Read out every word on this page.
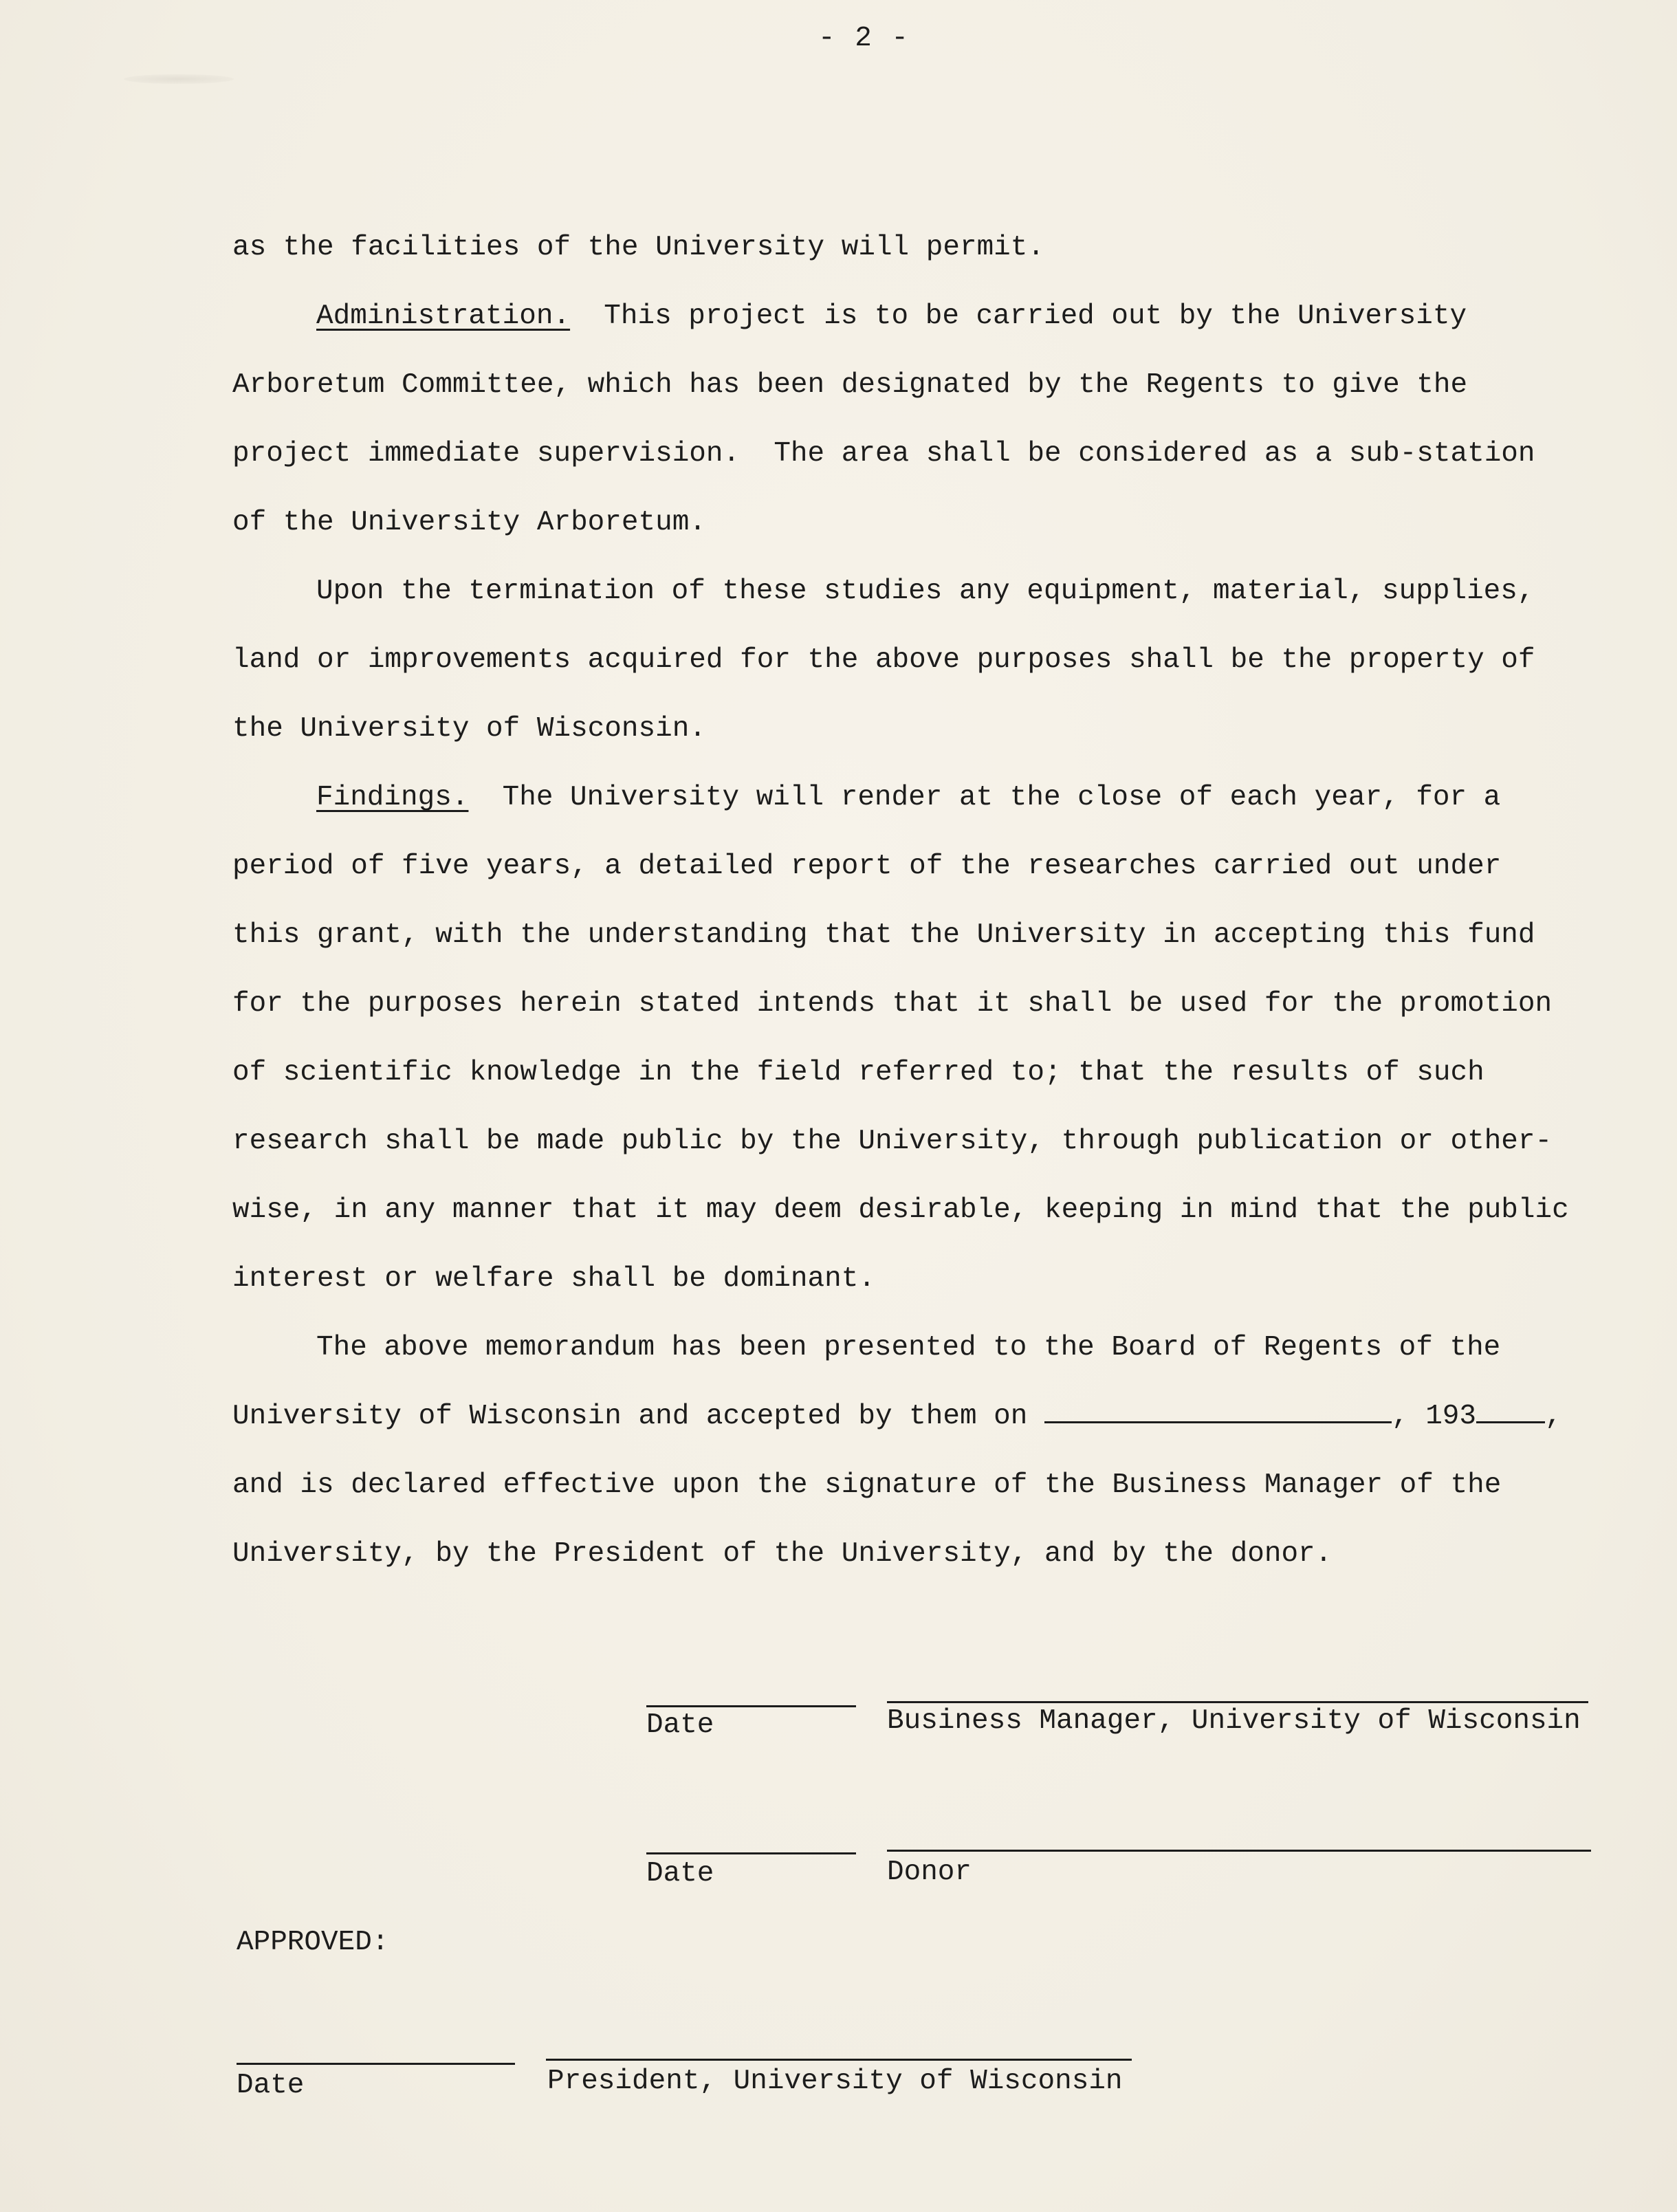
- 2 -
as the facilities of the University will permit.
Administration.  This project is to be carried out by the University
Arboretum Committee, which has been designated by the Regents to give the
project immediate supervision.  The area shall be considered as a sub-station
of the University Arboretum.
Upon the termination of these studies any equipment, material, supplies,
land or improvements acquired for the above purposes shall be the property of
the University of Wisconsin.
Findings.  The University will render at the close of each year, for a
period of five years, a detailed report of the researches carried out under
this grant, with the understanding that the University in accepting this fund
for the purposes herein stated intends that it shall be used for the promotion
of scientific knowledge in the field referred to; that the results of such
research shall be made public by the University, through publication or other-
wise, in any manner that it may deem desirable, keeping in mind that the public
interest or welfare shall be dominant.
The above memorandum has been presented to the Board of Regents of the
University of Wisconsin and accepted by them on	, 193 ,
and is declared effective upon the signature of the Business Manager of the
University, by the President of the University, and by the donor.
Date	Business Manager, University of Wisconsin
Date	Donor
APPROVED:
Date	President, University of Wisconsin
